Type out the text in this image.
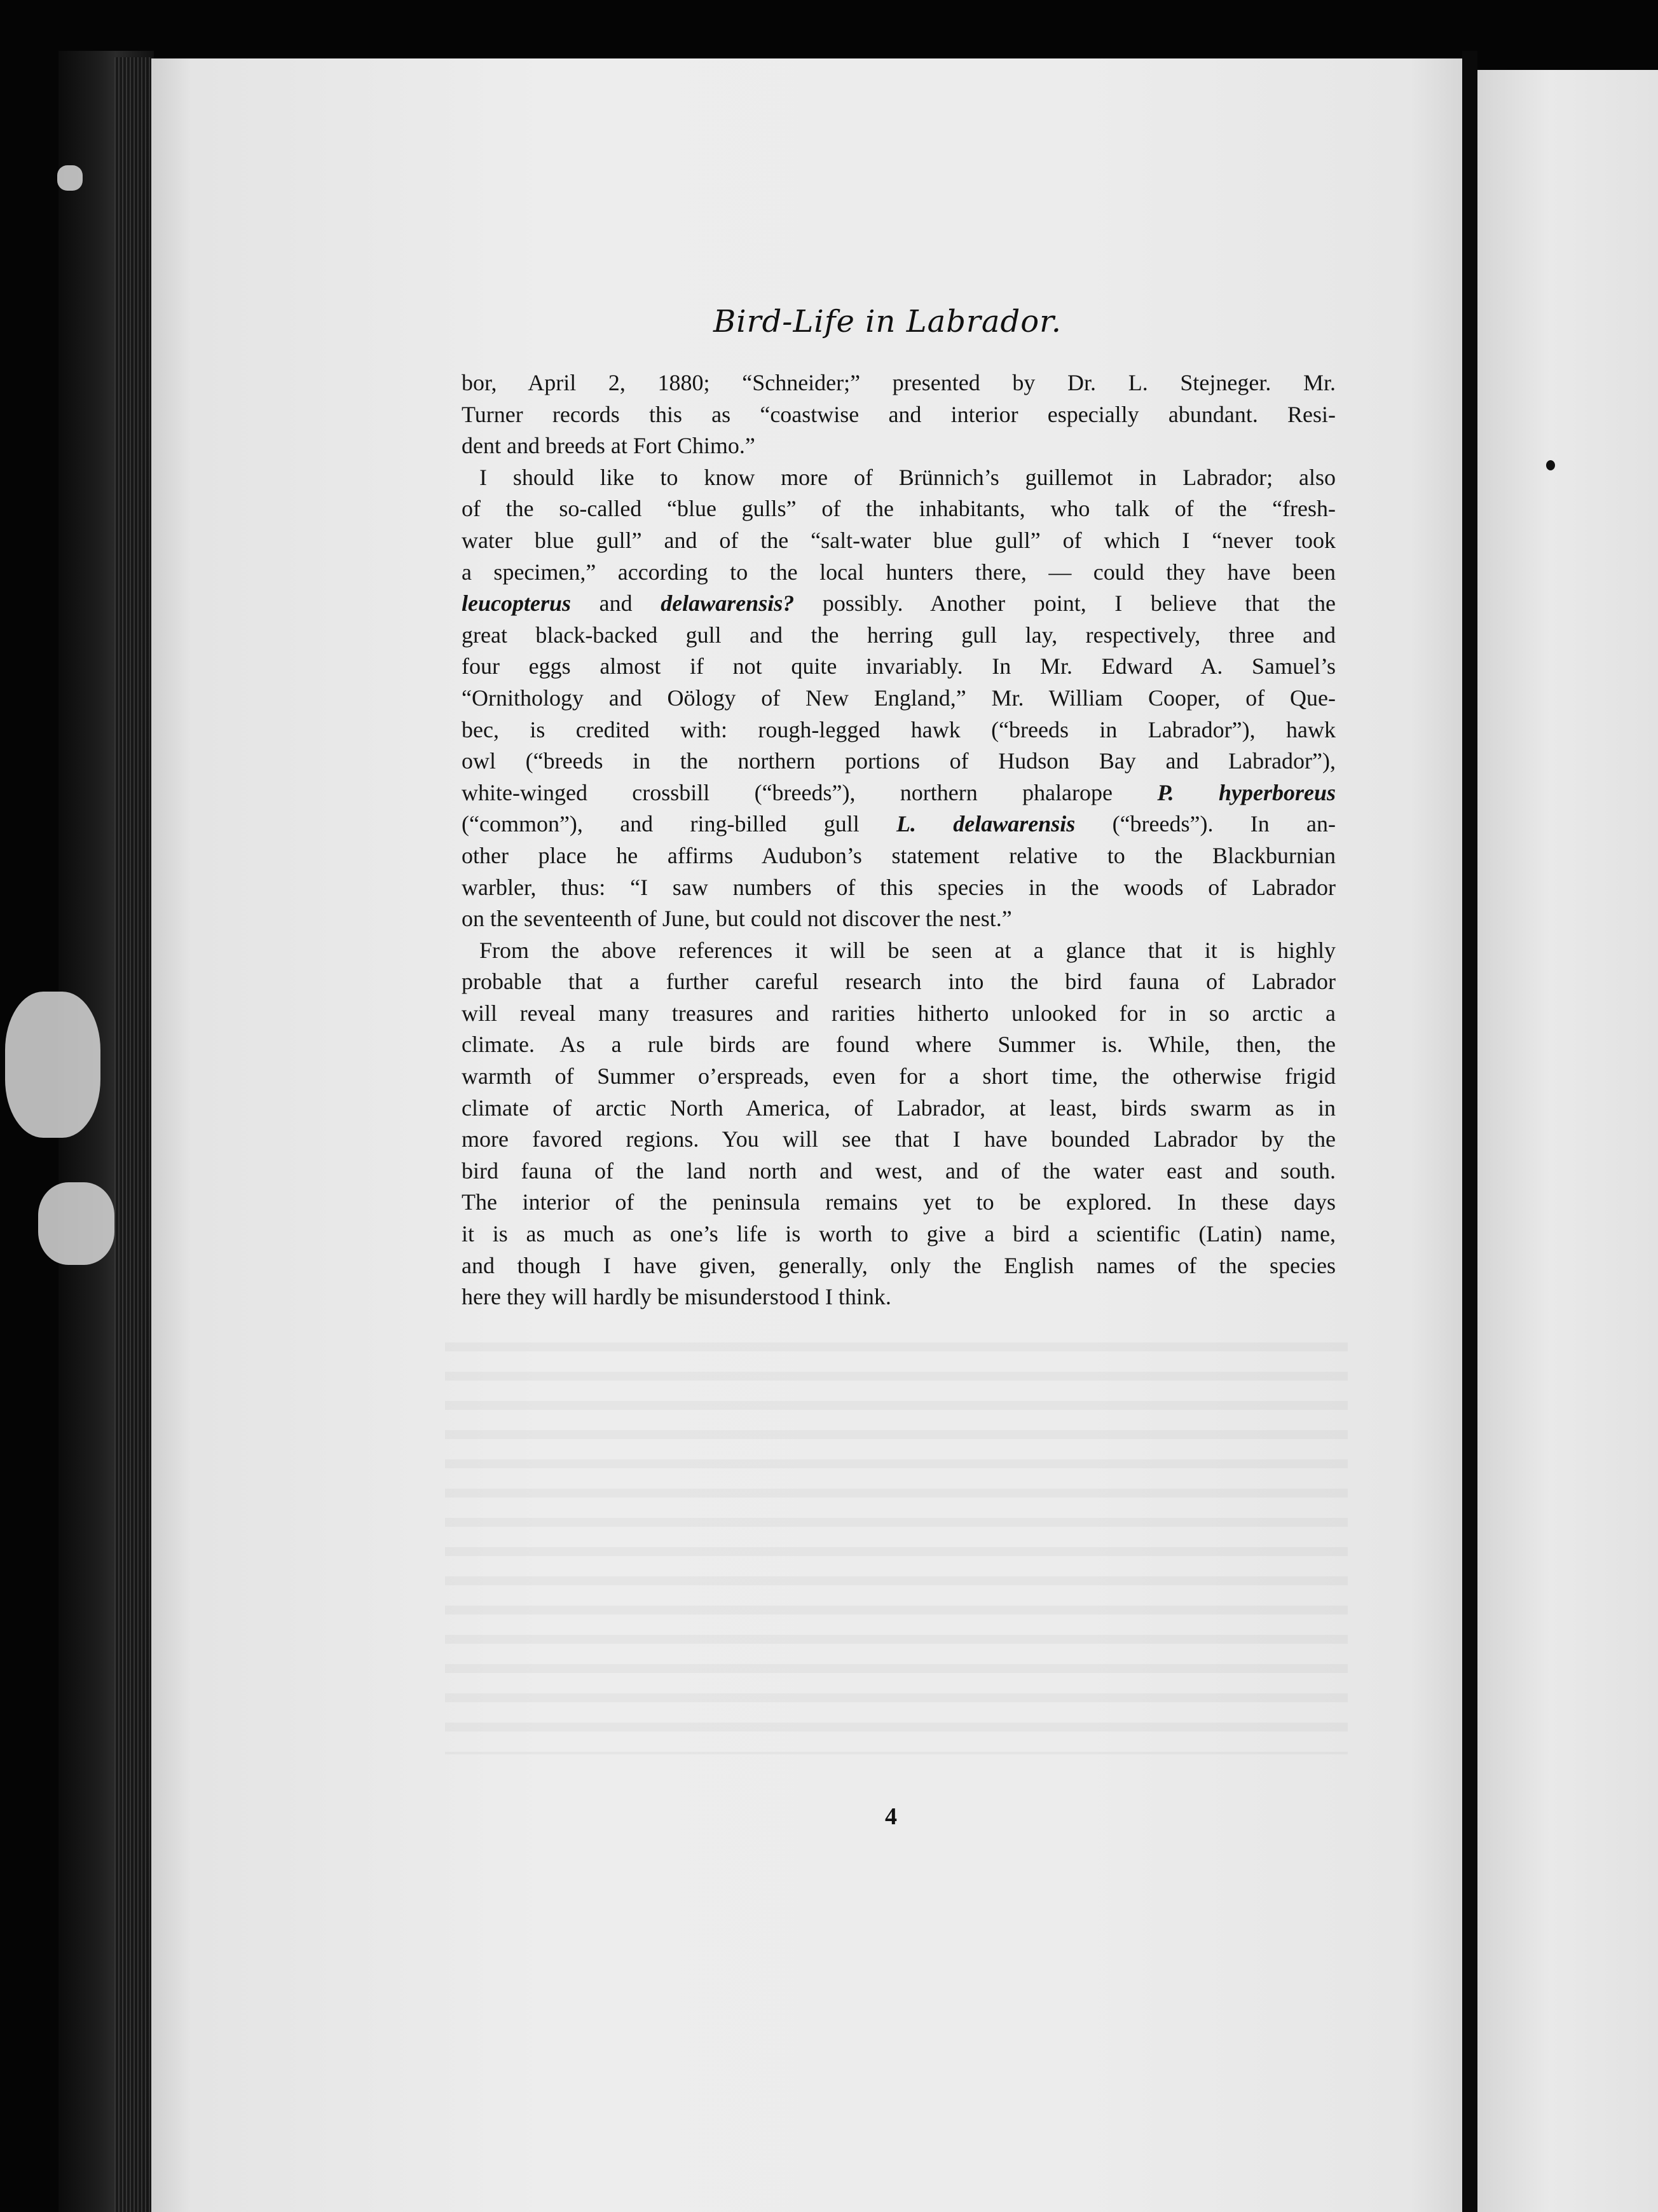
Bird-Life in Labrador.
bor, April 2, 1880; “Schneider;” presented by Dr. L. Stejneger. Mr.
Turner records this as “coastwise and interior especially abundant. Resi-
dent and breeds at Fort Chimo.”
I should like to know more of Brünnich’s guillemot in Labrador; also
of the so-called “blue gulls” of the inhabitants, who talk of the “fresh-
water blue gull” and of the “salt-water blue gull” of which I “never took
a specimen,” according to the local hunters there, — could they have been
leucopterus and delawarensis? possibly. Another point, I believe that the
great black-backed gull and the herring gull lay, respectively, three and
four eggs almost if not quite invariably. In Mr. Edward A. Samuel’s
“Ornithology and Oölogy of New England,” Mr. William Cooper, of Que-
bec, is credited with: rough-legged hawk (“breeds in Labrador”), hawk
owl (“breeds in the northern portions of Hudson Bay and Labrador”),
white-winged crossbill (“breeds”), northern phalarope P. hyperboreus
(“common”), and ring-billed gull L. delawarensis (“breeds”). In an-
other place he affirms Audubon’s statement relative to the Blackburnian
warbler, thus: “I saw numbers of this species in the woods of Labrador
on the seventeenth of June, but could not discover the nest.”
From the above references it will be seen at a glance that it is highly
probable that a further careful research into the bird fauna of Labrador
will reveal many treasures and rarities hitherto unlooked for in so arctic a
climate. As a rule birds are found where Summer is. While, then, the
warmth of Summer o’erspreads, even for a short time, the otherwise frigid
climate of arctic North America, of Labrador, at least, birds swarm as in
more favored regions. You will see that I have bounded Labrador by the
bird fauna of the land north and west, and of the water east and south.
The interior of the peninsula remains yet to be explored. In these days
it is as much as one’s life is worth to give a bird a scientific (Latin) name,
and though I have given, generally, only the English names of the species
here they will hardly be misunderstood I think.
4
